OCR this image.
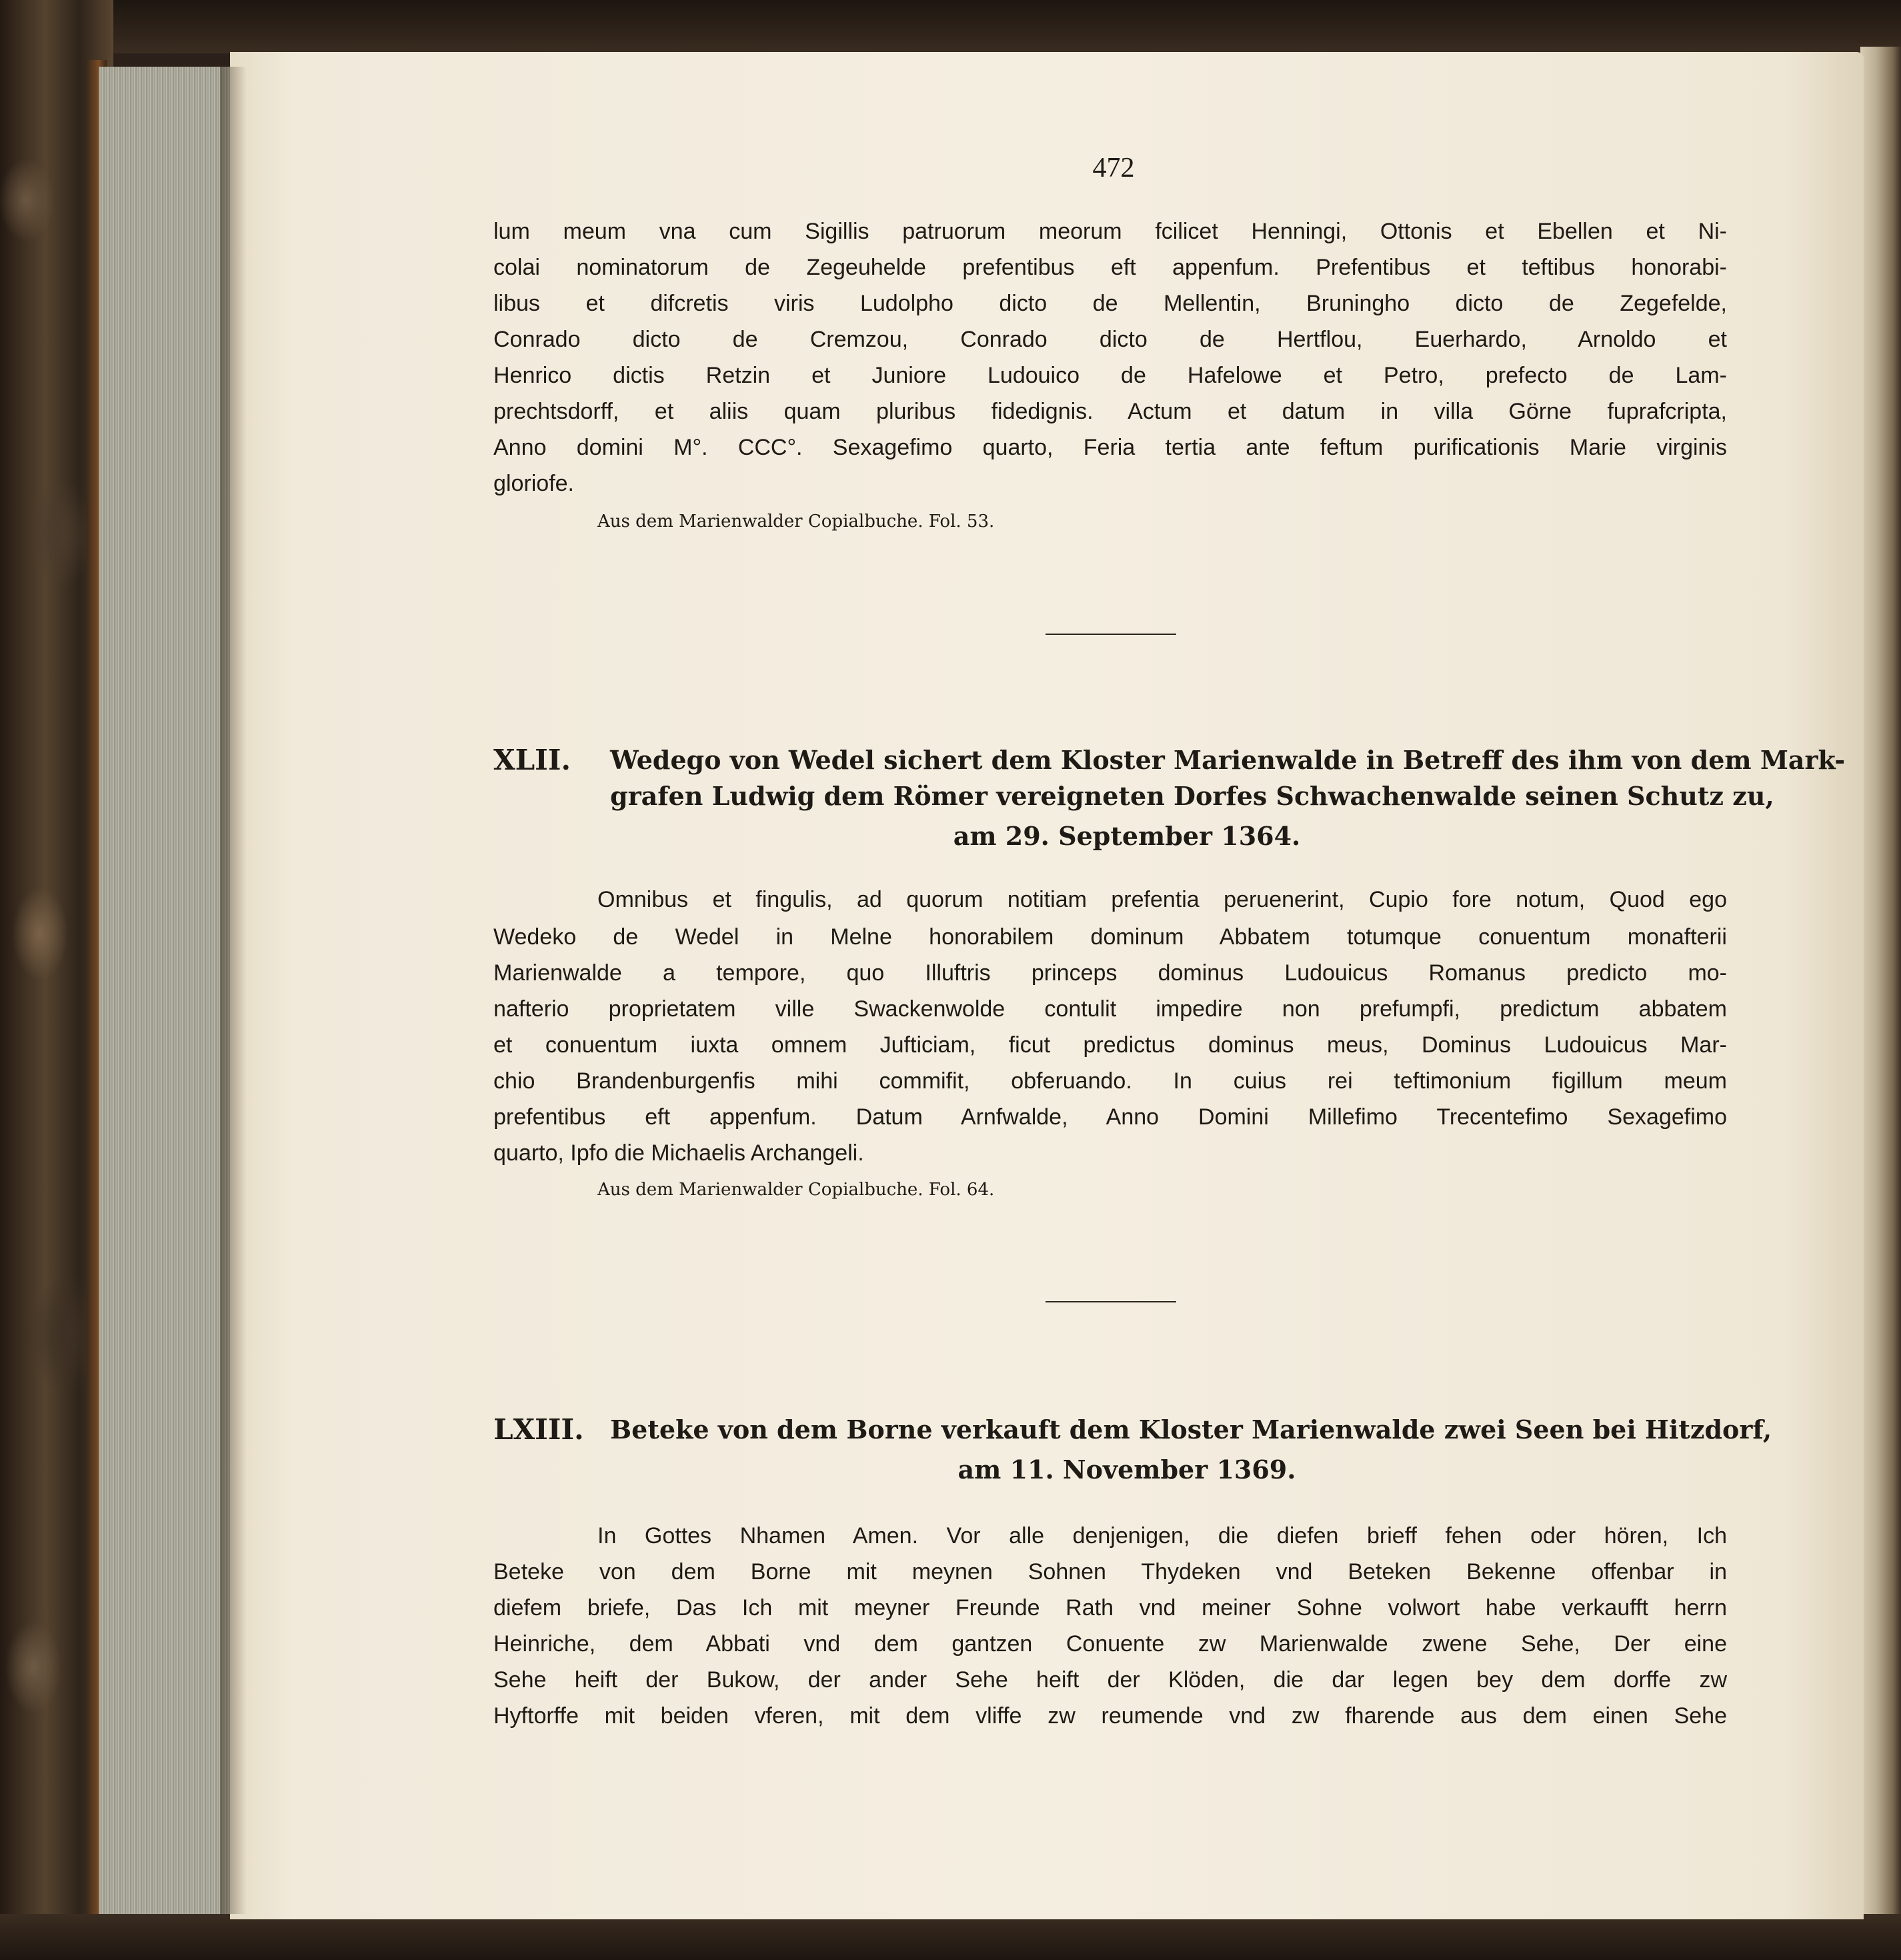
472
lum meum vna cum Sigillis patruorum meorum fcilicet Henningi, Ottonis et Ebellen et Ni-
colai nominatorum de Zegeuhelde prefentibus eft appenfum. Prefentibus et teftibus honorabi-
libus et difcretis viris Ludolpho dicto de Mellentin, Bruningho dicto de Zegefelde,
Conrado dicto de Cremzou, Conrado dicto de Hertflou, Euerhardo, Arnoldo et
Henrico dictis Retzin et Juniore Ludouico de Hafelowe et Petro, prefecto de Lam-
prechtsdorff, et aliis quam pluribus fidedignis. Actum et datum in villa Görne fuprafcripta,
Anno domini M°. CCC°. Sexagefimo quarto, Feria tertia ante feftum purificationis Marie virginis
gloriofe.
Aus dem Marienwalder Copialbuche. Fol. 53.
XLII. Wedego von Wedel sichert dem Kloster Marienwalde in Betreff des ihm von dem Mark-
grafen Ludwig dem Römer vereigneten Dorfes Schwachenwalde seinen Schutz zu,
am 29. September 1364.
Omnibus et fingulis, ad quorum notitiam prefentia peruenerint, Cupio fore notum, Quod ego
Wedeko de Wedel in Melne honorabilem dominum Abbatem totumque conuentum monafterii
Marienwalde a tempore, quo Illuftris princeps dominus Ludouicus Romanus predicto mo-
nafterio proprietatem ville Swackenwolde contulit impedire non prefumpfi, predictum abbatem
et conuentum iuxta omnem Jufticiam, ficut predictus dominus meus, Dominus Ludouicus Mar-
chio Brandenburgenfis mihi commifit, obferuando. In cuius rei teftimonium figillum meum
prefentibus eft appenfum. Datum Arnfwalde, Anno Domini Millefimo Trecentefimo Sexagefimo
quarto, Ipfo die Michaelis Archangeli.
Aus dem Marienwalder Copialbuche. Fol. 64.
LXIII. Beteke von dem Borne verkauft dem Kloster Marienwalde zwei Seen bei Hitzdorf,
am 11. November 1369.
In Gottes Nhamen Amen. Vor alle denjenigen, die diefen brieff fehen oder hören, Ich
Beteke von dem Borne mit meynen Sohnen Thydeken vnd Beteken Bekenne offenbar in
diefem briefe, Das Ich mit meyner Freunde Rath vnd meiner Sohne volwort habe verkaufft herrn
Heinriche, dem Abbati vnd dem gantzen Conuente zw Marienwalde zwene Sehe, Der eine
Sehe heift der Bukow, der ander Sehe heift der Klöden, die dar legen bey dem dorffe zw
Hyftorffe mit beiden vferen, mit dem vliffe zw reumende vnd zw fharende aus dem einen Sehe
